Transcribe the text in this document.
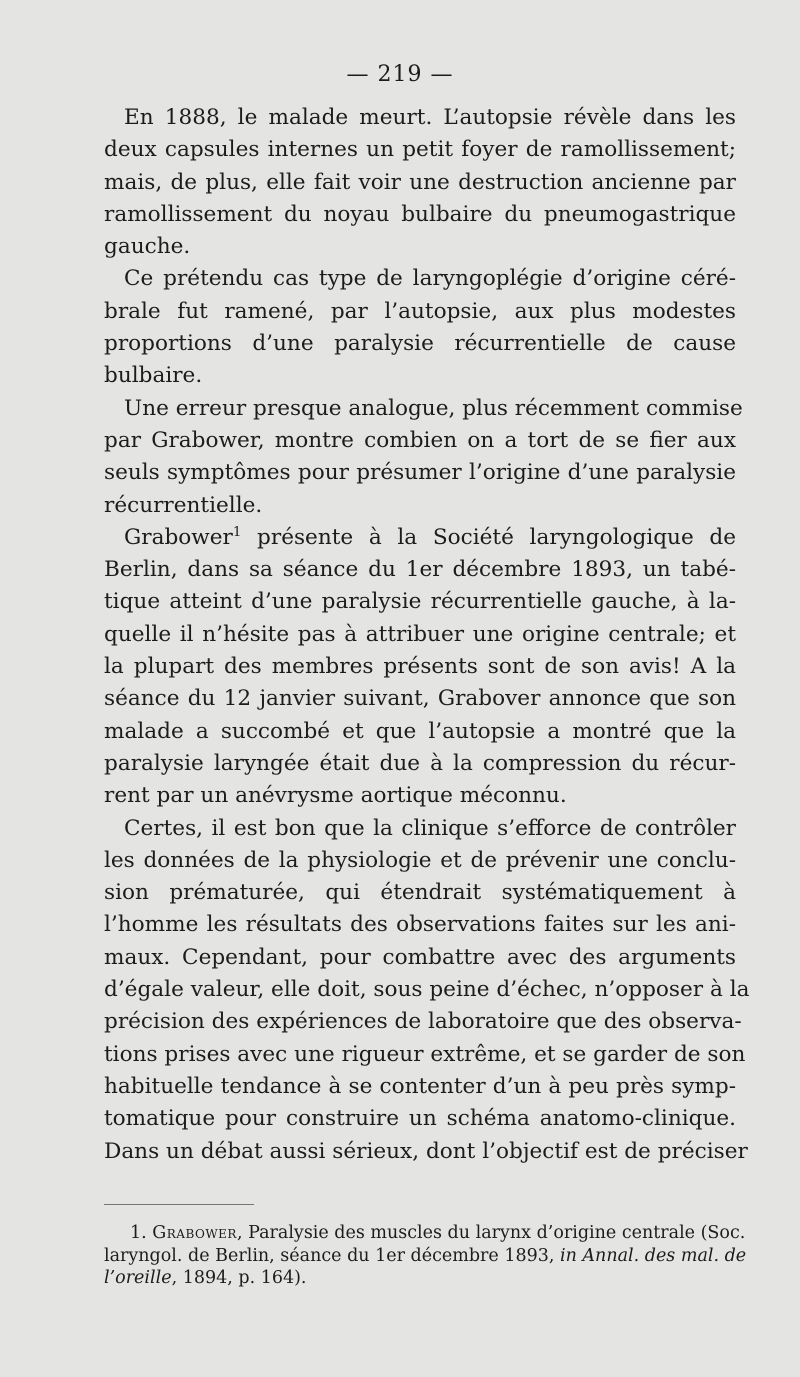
— 219 —
En 1888, le malade meurt. L’autopsie révèle dans les
deux capsules internes un petit foyer de ramollissement;
mais, de plus, elle fait voir une destruction ancienne par
ramollissement du noyau bulbaire du pneumogastrique
gauche.
Ce prétendu cas type de laryngoplégie d’origine céré-
brale fut ramené, par l’autopsie, aux plus modestes
proportions d’une paralysie récurrentielle de cause
bulbaire.
Une erreur presque analogue, plus récemment commise
par Grabower, montre combien on a tort de se fier aux
seuls symptômes pour présumer l’origine d’une paralysie
récurrentielle.
Grabower$^1$ présente à la Société laryngologique de
Berlin, dans sa séance du 1er décembre 1893, un tabé-
tique atteint d’une paralysie récurrentielle gauche, à la-
quelle il n’hésite pas à attribuer une origine centrale; et
la plupart des membres présents sont de son avis! A la
séance du 12 janvier suivant, Grabover annonce que son
malade a succombé et que l’autopsie a montré que la
paralysie laryngée était due à la compression du récur-
rent par un anévrysme aortique méconnu.
Certes, il est bon que la clinique s’efforce de contrôler
les données de la physiologie et de prévenir une conclu-
sion prématurée, qui étendrait systématiquement à
l’homme les résultats des observations faites sur les ani-
maux. Cependant, pour combattre avec des arguments
d’égale valeur, elle doit, sous peine d’échec, n’opposer à la
précision des expériences de laboratoire que des observa-
tions prises avec une rigueur extrême, et se garder de son
habituelle tendance à se contenter d’un à peu près symp-
tomatique pour construire un schéma anatomo-clinique.
Dans un débat aussi sérieux, dont l’objectif est de préciser
1. Grabower, Paralysie des muscles du larynx d’origine centrale (Soc.
laryngol. de Berlin, séance du 1er décembre 1893, in Annal. des mal. de
l’oreille, 1894, p. 164).
